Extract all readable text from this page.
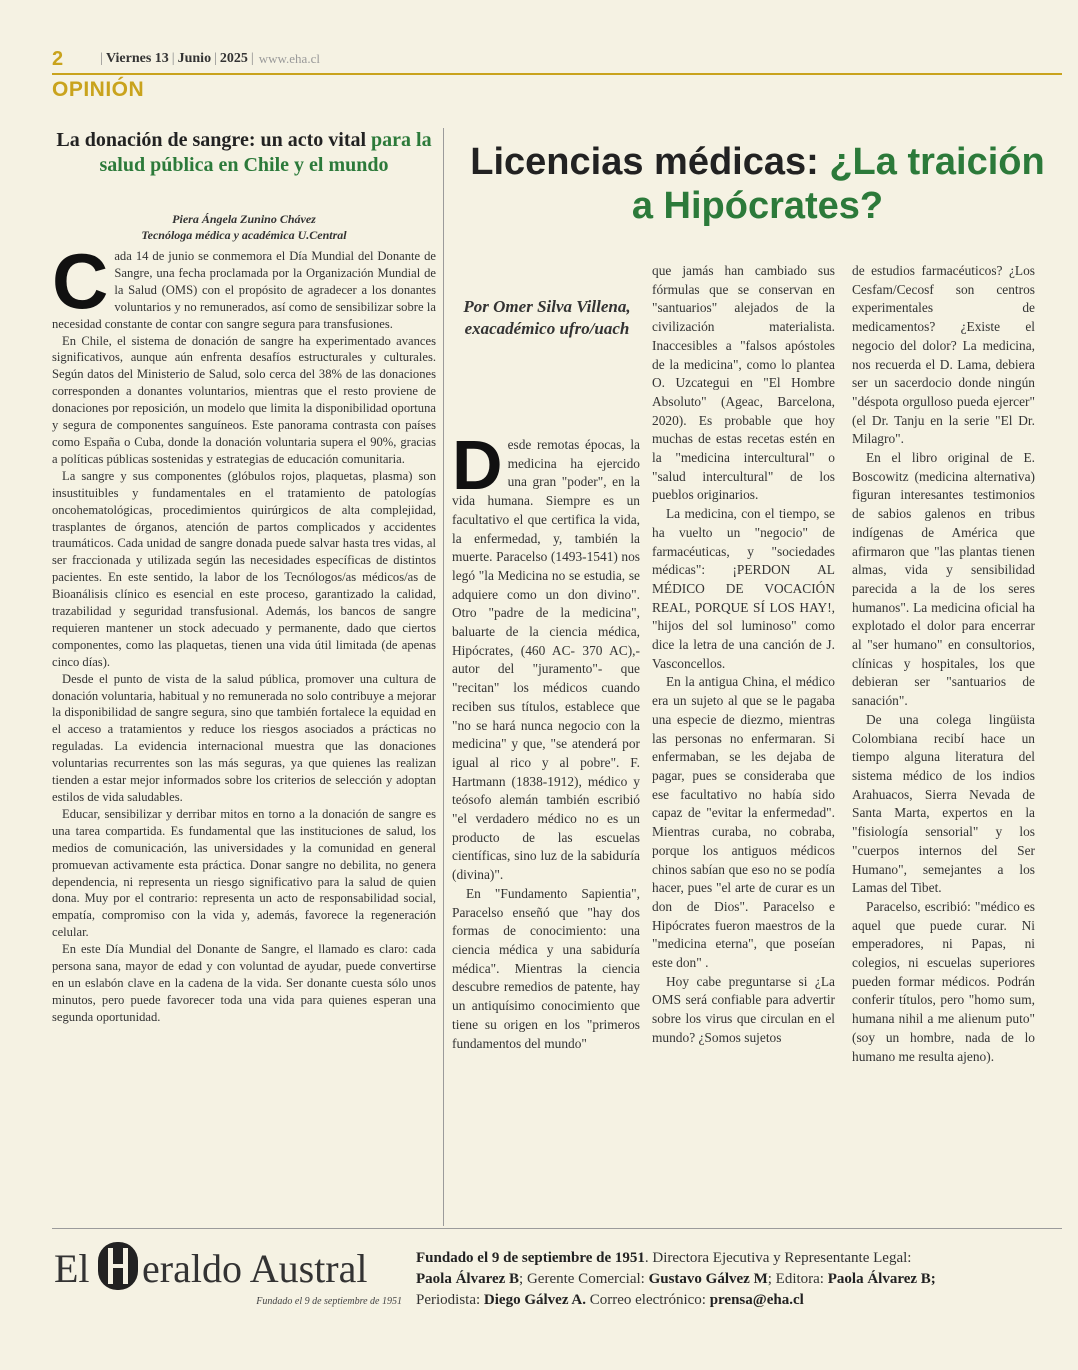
2	| Viernes 13 | Junio | 2025 | www.eha.cl
OPINIÓN
La donación de sangre: un acto vital para la salud pública en Chile y el mundo
Piera Ángela Zunino Chávez
Tecnóloga médica y académica U.Central

Cada 14 de junio se conmemora el Día Mundial del Donante de Sangre, una fecha proclamada por la Organización Mundial de la Salud (OMS) con el propósito de agradecer a los donantes voluntarios y no remunerados, así como de sensibilizar sobre la necesidad constante de contar con sangre segura para transfusiones.

En Chile, el sistema de donación de sangre ha experimentado avances significativos, aunque aún enfrenta desafíos estructurales y culturales. Según datos del Ministerio de Salud, solo cerca del 38% de las donaciones corresponden a donantes voluntarios, mientras que el resto proviene de donaciones por reposición, un modelo que limita la disponibilidad oportuna y segura de componentes sanguíneos. Este panorama contrasta con países como España o Cuba, donde la donación voluntaria supera el 90%, gracias a políticas públicas sostenidas y estrategias de educación comunitaria.

La sangre y sus componentes (glóbulos rojos, plaquetas, plasma) son insustituibles y fundamentales en el tratamiento de patologías oncohematológicas, procedimientos quirúrgicos de alta complejidad, trasplantes de órganos, atención de partos complicados y accidentes traumáticos. Cada unidad de sangre donada puede salvar hasta tres vidas, al ser fraccionada y utilizada según las necesidades específicas de distintos pacientes. En este sentido, la labor de los Tecnólogos/as médicos/as de Bioanálisis clínico es esencial en este proceso, garantizado la calidad, trazabilidad y seguridad transfusional. Además, los bancos de sangre requieren mantener un stock adecuado y permanente, dado que ciertos componentes, como las plaquetas, tienen una vida útil limitada (de apenas cinco días).

Desde el punto de vista de la salud pública, promover una cultura de donación voluntaria, habitual y no remunerada no solo contribuye a mejorar la disponibilidad de sangre segura, sino que también fortalece la equidad en el acceso a tratamientos y reduce los riesgos asociados a prácticas no reguladas. La evidencia internacional muestra que las donaciones voluntarias recurrentes son las más seguras, ya que quienes las realizan tienden a estar mejor informados sobre los criterios de selección y adoptan estilos de vida saludables.

Educar, sensibilizar y derribar mitos en torno a la donación de sangre es una tarea compartida. Es fundamental que las instituciones de salud, los medios de comunicación, las universidades y la comunidad en general promuevan activamente esta práctica. Donar sangre no debilita, no genera dependencia, ni representa un riesgo significativo para la salud de quien dona. Muy por el contrario: representa un acto de responsabilidad social, empatía, compromiso con la vida y, además, favorece la regeneración celular.

En este Día Mundial del Donante de Sangre, el llamado es claro: cada persona sana, mayor de edad y con voluntad de ayudar, puede convertirse en un eslabón clave en la cadena de la vida. Ser donante cuesta sólo unos minutos, pero puede favorecer toda una vida para quienes esperan una segunda oportunidad.

Licencias médicas: ¿La traición a Hipócrates?
Por Omer Silva Villena, exacadémico ufro/uach

Desde remotas épocas, la medicina ha ejercido una gran "poder", en la vida humana. Siempre es un facultativo el que certifica la vida, la enfermedad, y, también la muerte. Paracelso (1493-1541) nos legó "la Medicina no se estudia, se adquiere como un don divino". Otro "padre de la medicina", baluarte de la ciencia médica, Hipócrates, (460 AC- 370 AC),- autor del "juramento"- que "recitan" los médicos cuando reciben sus títulos, establece que "no se hará nunca negocio con la medicina" y que, "se atenderá por igual al rico y al pobre". F. Hartmann (1838-1912), médico y teósofo alemán también escribió "el verdadero médico no es un producto de las escuelas científicas, sino luz de la sabiduría (divina)".

En "Fundamento Sapientia", Paracelso enseñó que "hay dos formas de conocimiento: una ciencia médica y una sabiduría médica". Mientras la ciencia descubre remedios de patente, hay un antiquísimo conocimiento que tiene su origen en los "primeros fundamentos del mundo"

que jamás han cambiado sus fórmulas que se conservan en "santuarios" alejados de la civilización materialista. Inaccesibles a "falsos apóstoles de la medicina", como lo plantea O. Uzcategui en "El Hombre Absoluto" (Ageac, Barcelona, 2020). Es probable que hoy muchas de estas recetas estén en la "medicina intercultural" o "salud intercultural" de los pueblos originarios.

La medicina, con el tiempo, se ha vuelto un "negocio" de farmacéuticas, y "sociedades médicas": ¡PERDON AL MÉDICO DE VOCACIÓN REAL, PORQUE SÍ LOS HAY!, "hijos del sol luminoso" como dice la letra de una canción de J. Vasconcellos.

En la antigua China, el médico era un sujeto al que se le pagaba una especie de diezmo, mientras las personas no enfermaran. Si enfermaban, se les dejaba de pagar, pues se consideraba que ese facultativo no había sido capaz de "evitar la enfermedad". Mientras curaba, no cobraba, porque los antiguos médicos chinos sabían que eso no se podía hacer, pues "el arte de curar es un don de Dios". Paracelso e Hipócrates fueron maestros de la "medicina eterna", que poseían este don" .

Hoy cabe preguntarse si ¿La OMS será confiable para advertir sobre los virus que circulan en el mundo? ¿Somos sujetos

de estudios farmacéuticos? ¿Los Cesfam/Cecosf son centros experimentales de medicamentos? ¿Existe el negocio del dolor? La medicina, nos recuerda el D. Lama, debiera ser un sacerdocio donde ningún "déspota orgulloso pueda ejercer" (el Dr. Tanju en la serie "El Dr. Milagro".

En el libro original de E. Boscowitz (medicina alternativa) figuran interesantes testimonios de sabios galenos en tribus indígenas de América que afirmaron que "las plantas tienen almas, vida y sensibilidad parecida a la de los seres humanos". La medicina oficial ha explotado el dolor para encerrar al "ser humano" en consultorios, clínicas y hospitales, los que debieran ser "santuarios de sanación".

De una colega lingüista Colombiana recibí hace un tiempo alguna literatura del sistema médico de los indios Arahuacos, Sierra Nevada de Santa Marta, expertos en la "fisiología sensorial" y los "cuerpos internos del Ser Humano", semejantes a los Lamas del Tibet.

Paracelso, escribió: "médico es aquel que puede curar. Ni emperadores, ni Papas, ni colegios, ni escuelas superiores pueden formar médicos. Podrán conferir títulos, pero "homo sum, humana nihil a me alienum puto" (soy un hombre, nada de lo humano me resulta ajeno).

El eraldo Austral
Fundado el 9 de septiembre de 1951
Fundado el 9 de septiembre de 1951. Directora Ejecutiva y Representante Legal:
Paola Álvarez B; Gerente Comercial: Gustavo Gálvez M; Editora: Paola Álvarez B;
Periodista: Diego Gálvez A. Correo electrónico: prensa@eha.cl
